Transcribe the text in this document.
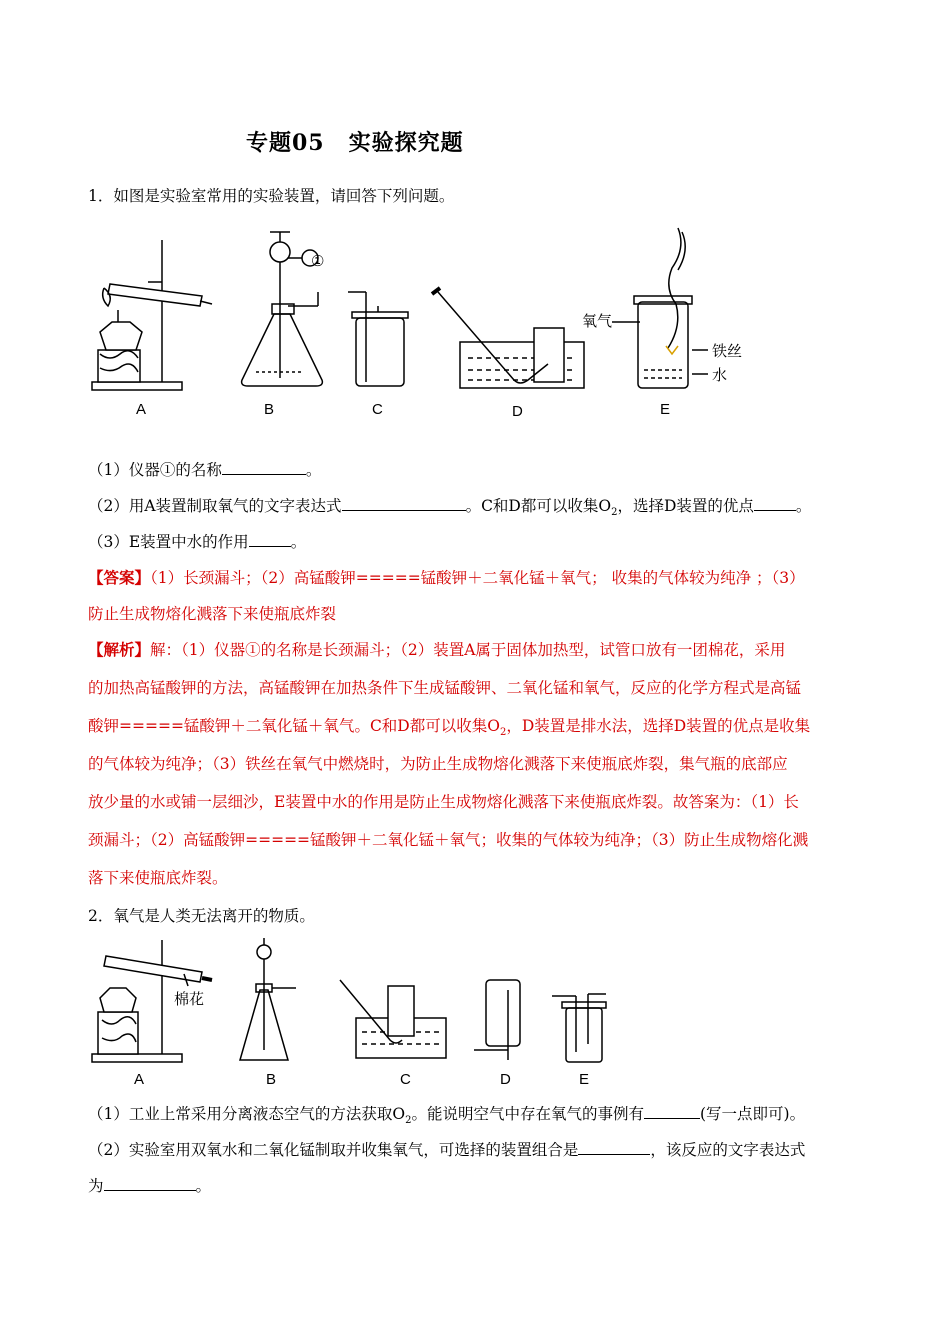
专题05 实验探究题
1．如图是实验室常用的实验装置，请回答下列问题。
①
氧气
铁丝
水
A	B	C	D	E
（1）仪器①的名称	。
（2）用A装置制取氧气的文字表达式	。C和D都可以收集$O_2$，选择D装置的优点	。
（3）E装置中水的作用	。
【答案】（1）长颈漏斗；（2）高锰酸钾=====锰酸钾＋二氧化锰＋氧气； 收集的气体较为纯净 ；（3）
防止生成物熔化溅落下来使瓶底炸裂
【解析】解：（1）仪器①的名称是长颈漏斗；（2）装置A属于固体加热型，试管口放有一团棉花，采用
的加热高锰酸钾的方法，高锰酸钾在加热条件下生成锰酸钾、二氧化锰和氧气，反应的化学方程式是高锰
酸钾=====锰酸钾＋二氧化锰＋氧气。C和D都可以收集$O_2$，D装置是排水法，选择D装置的优点是收集
的气体较为纯净；（3）铁丝在氧气中燃烧时，为防止生成物熔化溅落下来使瓶底炸裂，集气瓶的底部应
放少量的水或铺一层细沙，E装置中水的作用是防止生成物熔化溅落下来使瓶底炸裂。故答案为：（1）长
颈漏斗；（2）高锰酸钾=====锰酸钾＋二氧化锰＋氧气；收集的气体较为纯净；（3）防止生成物熔化溅
落下来使瓶底炸裂。
2．氧气是人类无法离开的物质。
棉花
A	B	C	D	E
（1）工业上常采用分离液态空气的方法获取$O_2$。能说明空气中存在氧气的事例有	(写一点即可)。
（2）实验室用双氧水和二氧化锰制取并收集氧气，可选择的装置组合是	，该反应的文字表达式
为	。
